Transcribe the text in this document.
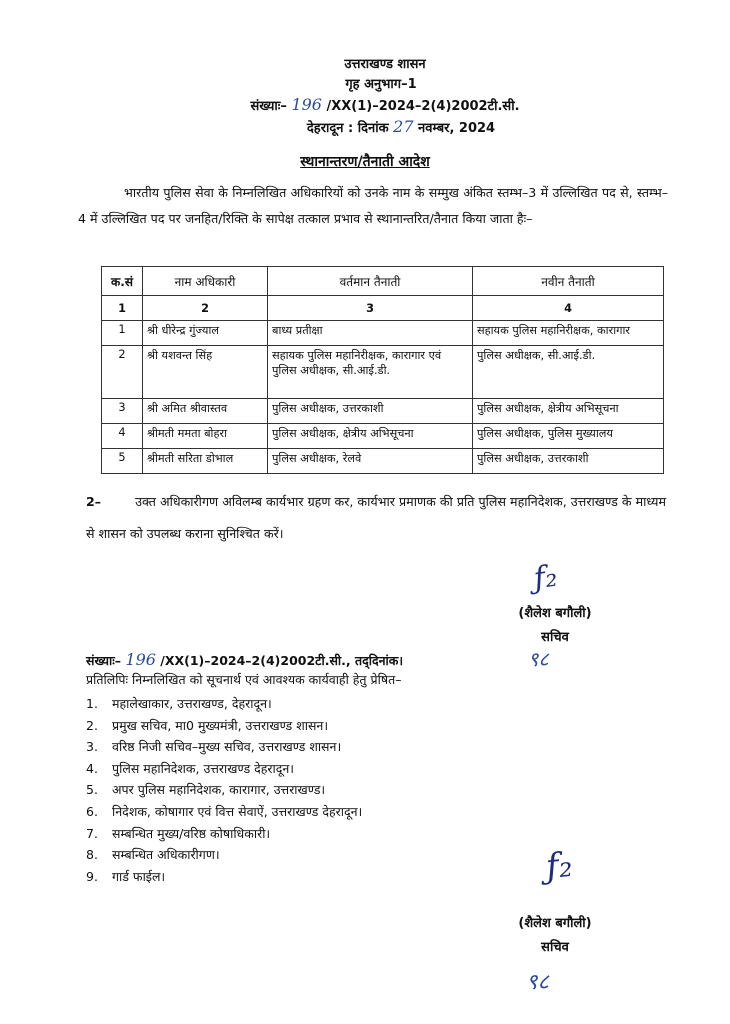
उत्तराखण्ड शासन
गृह अनुभाग–1
संख्याः– 196 /XX(1)–2024–2(4)2002टी.सी.
देहरादून : दिनांक 27 नवम्बर, 2024
स्थानान्तरण/तैनाती आदेश
भारतीय पुलिस सेवा के निम्नलिखित अधिकारियों को उनके नाम के सम्मुख अंकित स्तम्भ–3 में उल्लिखित पद से, स्तम्भ–4 में उल्लिखित पद पर जनहित/रिक्ति के सापेक्ष तत्काल प्रभाव से स्थानान्तरित/तैनात किया जाता हैः–
क.सं	नाम अधिकारी	वर्तमान तैनाती	नवीन तैनाती
1	2	3	4
1	श्री धीरेन्द्र गुंज्याल	बाध्य प्रतीक्षा	सहायक पुलिस महानिरीक्षक, कारागार
2	श्री यशवन्त सिंह	सहायक पुलिस महानिरीक्षक, कारागार एवं पुलिस अधीक्षक, सी.आई.डी.	पुलिस अधीक्षक, सी.आई.डी.
3	श्री अमित श्रीवास्तव	पुलिस अधीक्षक, उत्तरकाशी	पुलिस अधीक्षक, क्षेत्रीय अभिसूचना
4	श्रीमती ममता बोहरा	पुलिस अधीक्षक, क्षेत्रीय अभिसूचना	पुलिस अधीक्षक, पुलिस मुख्यालय
5	श्रीमती सरिता डोभाल	पुलिस अधीक्षक, रेलवे	पुलिस अधीक्षक, उत्तरकाशी
2–	उक्त अधिकारीगण अविलम्ब कार्यभार ग्रहण कर, कार्यभार प्रमाणक की प्रति पुलिस महानिदेशक, उत्तराखण्ड के माध्यम से शासन को उपलब्ध कराना सुनिश्चित करें।
ƒ₂
(शैलेश बगौली)
सचिव
९८
संख्याः– 196 /XX(1)–2024–2(4)2002टी.सी., तद्‌दिनांक।
प्रतिलिपिः निम्नलिखित को सूचनार्थ एवं आवश्यक कार्यवाही हेतु प्रेषित–
1. महालेखाकार, उत्तराखण्ड, देहरादून।
2. प्रमुख सचिव, मा0 मुख्यमंत्री, उत्तराखण्ड शासन।
3. वरिष्ठ निजी सचिव–मुख्य सचिव, उत्तराखण्ड शासन।
4. पुलिस महानिदेशक, उत्तराखण्ड देहरादून।
5. अपर पुलिस महानिदेशक, कारागार, उत्तराखण्ड।
6. निदेशक, कोषागार एवं वित्त सेवाऐं, उत्तराखण्ड देहरादून।
7. सम्बन्धित मुख्य/वरिष्ठ कोषाधिकारी।
8. सम्बन्धित अधिकारीगण।
9. गार्ड फाईल।	ƒ₂
(शैलेश बगौली)
सचिव
९८
